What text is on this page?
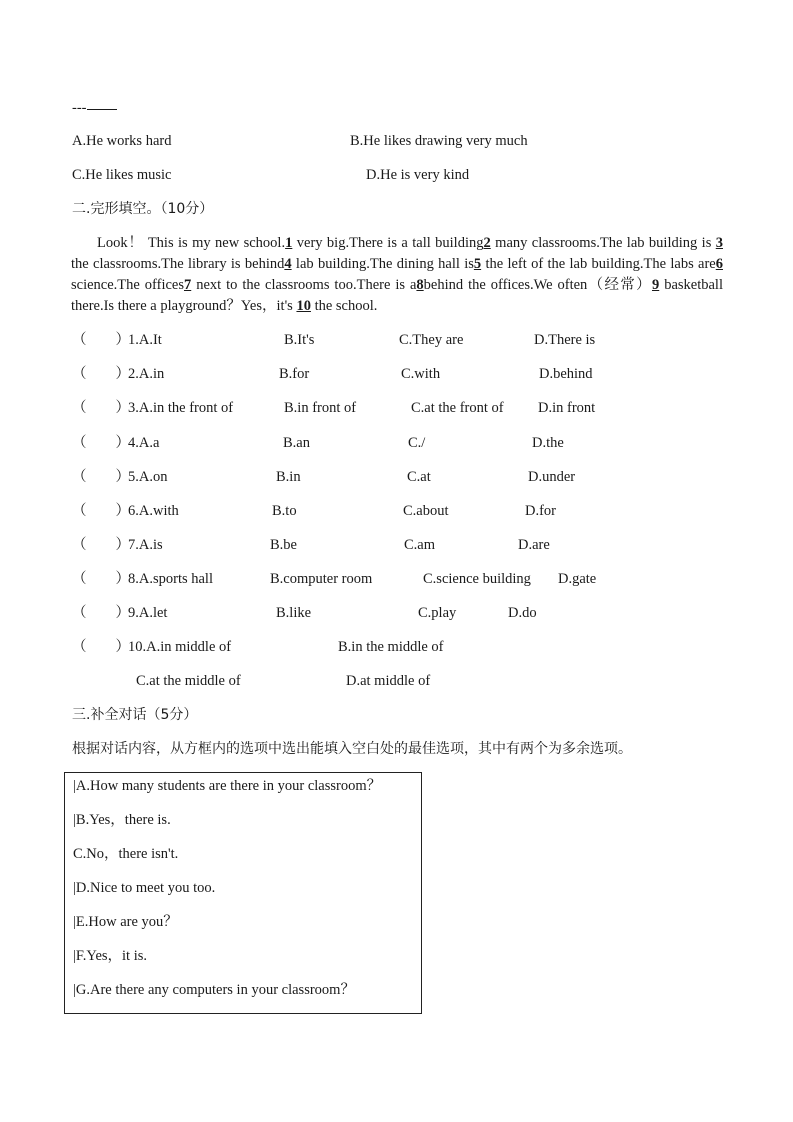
---
A.He works hard	B.He likes drawing very much
C.He likes music	D.He is very kind
二.完形填空。（10分）

Look！ This is my new school.1 very big.There is a tall building2 many classrooms.The lab building is 3 the classrooms.The library is behind4 lab building.The dining hall is5 the left of the lab building.The labs are6 science.The offices7 next to the classrooms too.There is a8behind the offices.We often（经常）9 basketball there.Is there a playground？Yes，it's 10 the school.

（　　）
1.A.It	B.It's	C.They are	D.There is
（　　）
2.A.in	B.for	C.with	D.behind
（　　）
3.A.in the front of	B.in front of	C.at the front of D.in front
（　　）
4.A.a	B.an	C./	D.the
（　　）
5.A.on	B.in	C.at	D.under
（　　）
6.A.with	B.to	C.about	D.for
（　　）
7.A.is	B.be	C.am	D.are
（　　）
8.A.sports hall	B.computer room	C.science building D.gate
（　　）
9.A.let	B.like	C.play	D.do
（　　）
10.A.in middle of	B.in the middle of
C.at the middle of	D.at middle of
三.补全对话（5分）
根据对话内容，从方框内的选项中选出能填入空白处的最佳选项，其中有两个为多余选项。
|A.How many students are there in your classroom？
|B.Yes，there is.
C.No，there isn't.
|D.Nice to meet you too.
|E.How are you？
|F.Yes，it is.
|G.Are there any computers in your classroom？
